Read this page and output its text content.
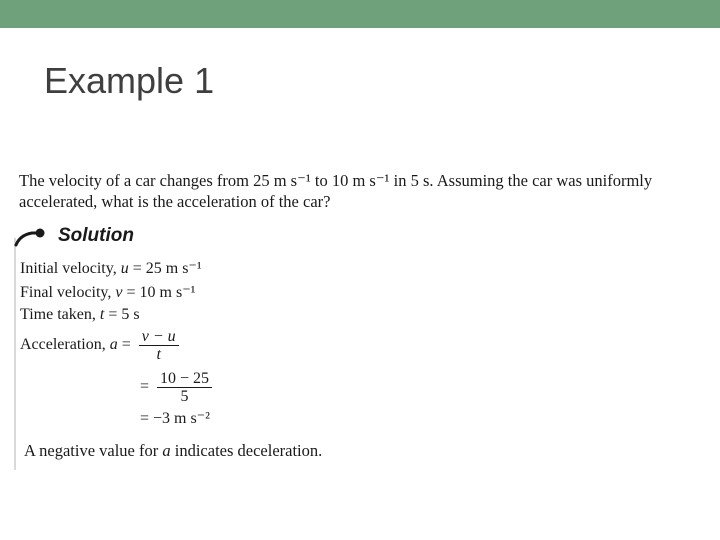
Example 1

The velocity of a car changes from 25 m s⁻¹ to 10 m s⁻¹ in 5 s. Assuming the car was uniformly accelerated, what is the acceleration of the car?

Solution

Initial velocity, u = 25 m s⁻¹

Final velocity, v = 10 m s⁻¹

Time taken, t = 5 s

Acceleration, $a = \frac{v - u}{t}$
= $\frac{10 - 25}{5}$
= −3 m s⁻²

A negative value for a indicates deceleration.
